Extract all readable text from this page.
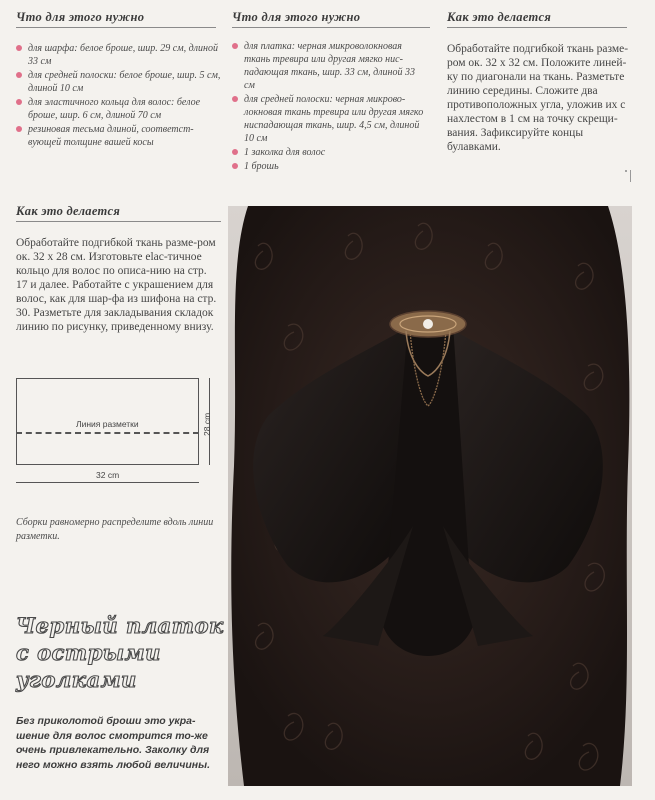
Что для этого нужно
для шарфа: белое броше, шир. 29 см, длиной 33 см
для средней полоски: белое броше, шир. 5 см, длиной 10 см
для эластичного кольца для волос: белое броше, шир. 6 см, длиной 70 см
резиновая тесьма длиной, соответст-вующей толщине вашей косы
Что для этого нужно
для платка: черная микроволокновая ткань тревира или другая мягко нис-падающая ткань, шир. 33 см, длиной 33 см
для средней полоски: черная микрово-локновая ткань тревира или другая мягко ниспадающая ткань, шир. 4,5 см, длиной 10 см
1 заколка для волос
1 брошь
Как это делается

Обработайте подгибкой ткань разме-ром ок. 32 х 32 см. Положите линей-ку по диагонали на ткань. Разметьте линию середины. Сложите два противоположных угла, уложив их с нахлестом в 1 см на точку скрещи-вания. Зафиксируйте концы булавками.

Как это делается

Обработайте подгибкой ткань разме-ром ок. 32 х 28 см. Изготовьте elaс-тичное кольцо для волос по описа-нию на стр. 17 и далее. Работайте с украшением для волос, как для шар-фа из шифона на стр. 30. Разметьте для закладывания складок линию по рисунку, приведенному внизу.

Линия разметки	28 cm
32 cm

Сборки равномерно распределите вдоль линии разметки.

Черный платок
с острыми
уголками

Без приколотой броши это укра-шение для волос смотрится то-же очень привлекательно. Заколку для него можно взять любой величины.
